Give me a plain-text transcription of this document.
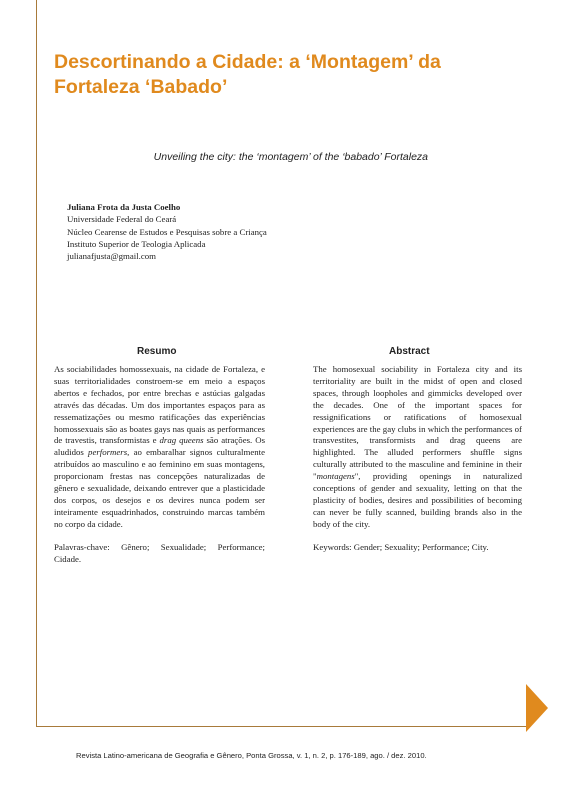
Descortinando a Cidade: a ‘Montagem’ da Fortaleza ‘Babado’

Unveiling the city: the ‘montagem’ of the ‘babado’ Fortaleza

Juliana Frota da Justa Coelho
Universidade Federal do Ceará
Núcleo Cearense de Estudos e Pesquisas sobre a Criança
Instituto Superior de Teologia Aplicada
julianafjusta@gmail.com
Resumo	Abstract

As sociabilidades homossexuais, na cidade de Fortaleza, e suas territorialidades constroem-se em meio a espaços abertos e fechados, por entre brechas e astúcias galgadas através das décadas. Um dos importantes espaços para as ressematizações ou mesmo ratificações das experiências homossexuais são as boates gays nas quais as performances de travestis, transformistas e drag queens são atrações. Os aludidos performers, ao embaralhar signos culturalmente atribuídos ao masculino e ao feminino em suas montagens, proporcionam frestas nas concepções naturalizadas de gênero e sexualidade, deixando entrever que a plasticidade dos corpos, os desejos e os devires nunca podem ser inteiramente esquadrinhados, construindo marcas também no corpo da cidade.

The homosexual sociability in Fortaleza city and its territoriality are built in the midst of open and closed spaces, through loopholes and gimmicks developed over the decades. One of the important spaces for ressignifications or ratifications of homosexual experiences are the gay clubs in which the performances of transvestites, transformists and drag queens are highlighted. The alluded performers shuffle signs culturally attributed to the masculine and feminine in their "montagens", providing openings in naturalized conceptions of gender and sexuality, letting on that the plasticity of bodies, desires and possibilities of becoming can never be fully scanned, building brands also in the body of the city.

Palavras-chave: Gênero; Sexualidade; Performance; Cidade.

Keywords: Gender; Sexuality; Performance; City.

Revista Latino-americana de Geografia e Gênero, Ponta Grossa, v. 1, n. 2, p. 176-189, ago. / dez. 2010.
